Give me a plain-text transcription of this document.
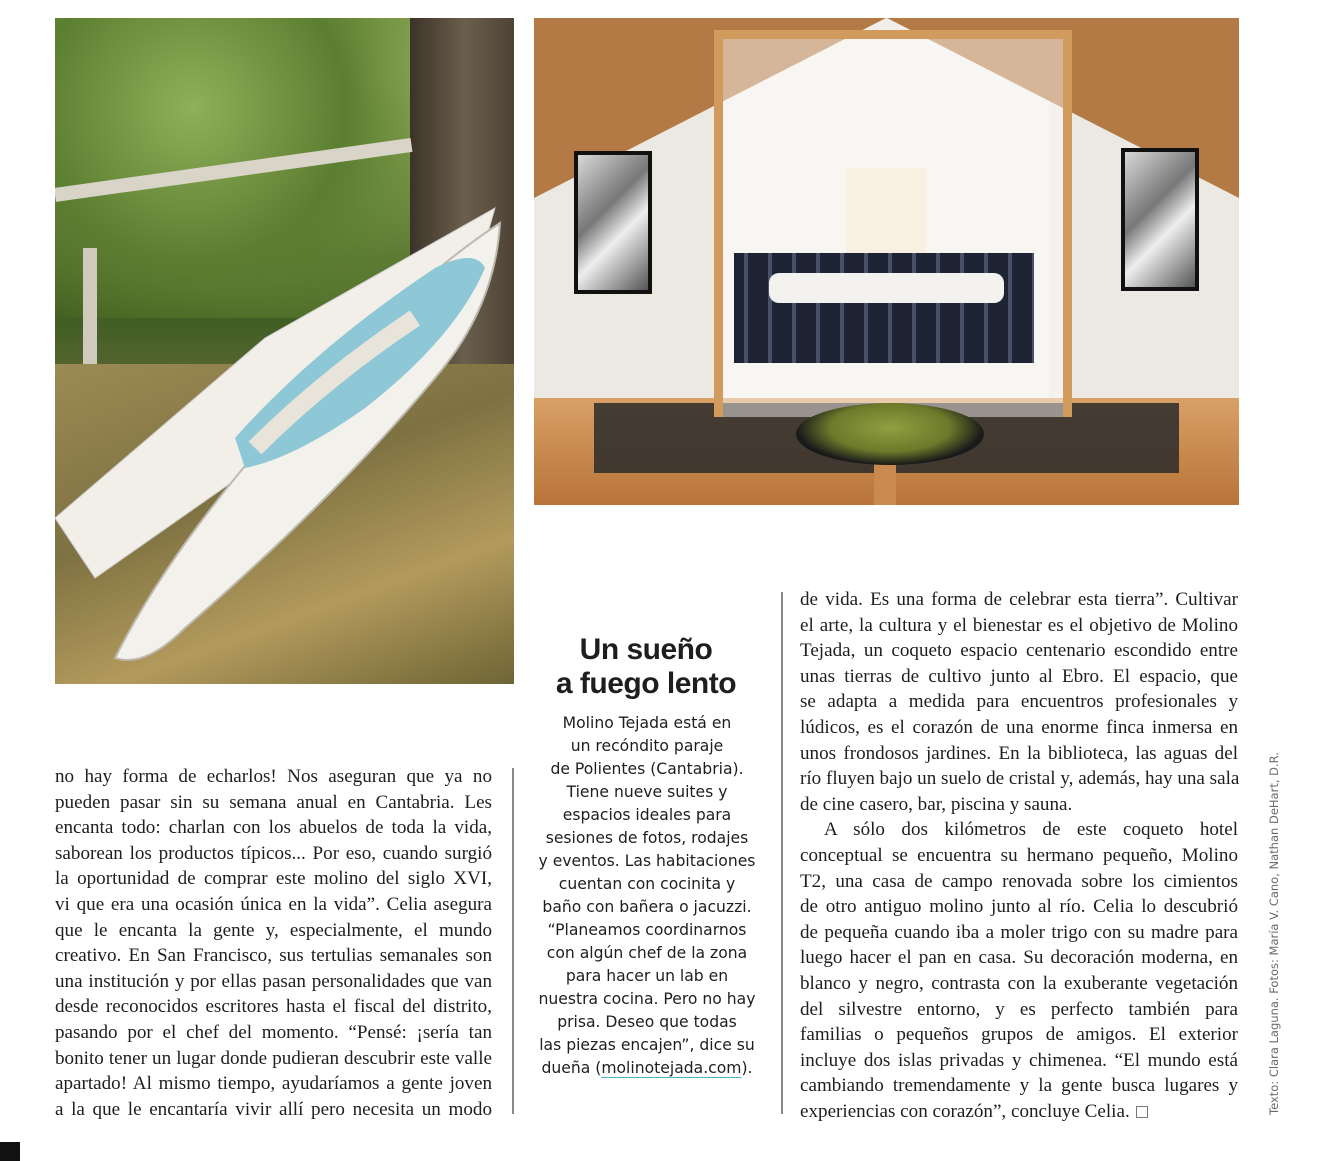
no hay forma de echarlos! Nos aseguran que ya no
pueden pasar sin su semana anual en Cantabria. Les
encanta todo: charlan con los abuelos de toda la vida,
saborean los productos típicos... Por eso, cuando surgió
la oportunidad de comprar este molino del siglo XVI,
vi que era una ocasión única en la vida”. Celia asegura
que le encanta la gente y, especialmente, el mundo
creativo. En San Francisco, sus tertulias semanales son
una institución y por ellas pasan personalidades que van
desde reconocidos escritores hasta el fiscal del distrito,
pasando por el chef del momento. “Pensé: ¡sería tan
bonito tener un lugar donde pudieran descubrir este valle
apartado! Al mismo tiempo, ayudaríamos a gente joven
a la que le encantaría vivir allí pero necesita un modo
Un sueño
a fuego lento
Molino Tejada está en
un recóndito paraje
de Polientes (Cantabria).
Tiene nueve suites y
espacios ideales para
sesiones de fotos, rodajes
y eventos. Las habitaciones
cuentan con cocinita y
baño con bañera o jacuzzi.
“Planeamos coordinarnos
con algún chef de la zona
para hacer un lab en
nuestra cocina. Pero no hay
prisa. Deseo que todas
las piezas encajen”, dice su
dueña (molinotejada.com).
de vida. Es una forma de celebrar esta tierra”. Cultivar
el arte, la cultura y el bienestar es el objetivo de Molino
Tejada, un coqueto espacio centenario escondido entre
unas tierras de cultivo junto al Ebro. El espacio, que
se adapta a medida para encuentros profesionales y
lúdicos, es el corazón de una enorme finca inmersa en
unos frondosos jardines. En la biblioteca, las aguas del
río fluyen bajo un suelo de cristal y, además, hay una sala
de cine casero, bar, piscina y sauna.
A sólo dos kilómetros de este coqueto hotel
conceptual se encuentra su hermano pequeño, Molino
T2, una casa de campo renovada sobre los cimientos
de otro antiguo molino junto al río. Celia lo descubrió
de pequeña cuando iba a moler trigo con su madre para
luego hacer el pan en casa. Su decoración moderna, en
blanco y negro, contrasta con la exuberante vegetación
del silvestre entorno, y es perfecto también para
familias o pequeños grupos de amigos. El exterior
incluye dos islas privadas y chimenea. “El mundo está
cambiando tremendamente y la gente busca lugares y
experiencias con corazón”, concluye Celia.	Texto: Clara Laguna. Fotos: María V. Cano, Nathan DeHart, D.R.
